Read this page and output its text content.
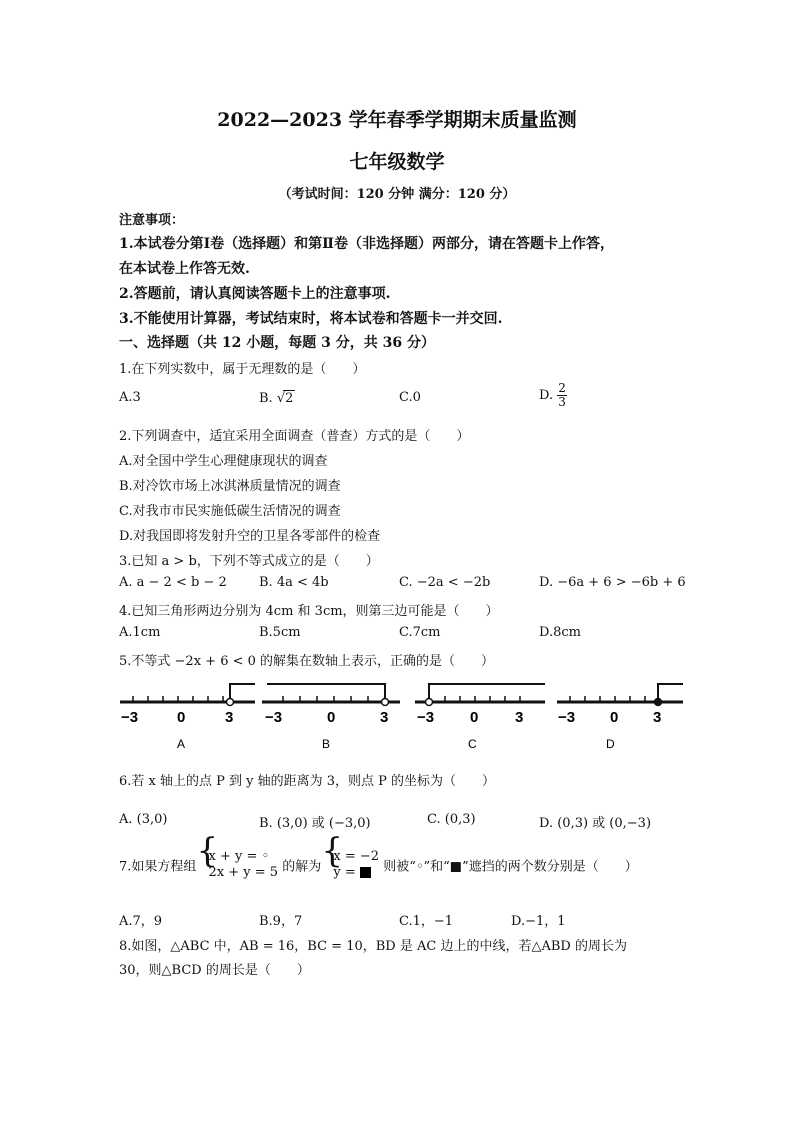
2022—2023 学年春季学期期末质量监测
七年级数学
（考试时间：120 分钟 满分：120 分）
注意事项：
1.本试卷分第Ⅰ卷（选择题）和第Ⅱ卷（非选择题）两部分，请在答题卡上作答，
在本试卷上作答无效.
2.答题前，请认真阅读答题卡上的注意事项.
3.不能使用计算器，考试结束时，将本试卷和答题卡一并交回.
一、选择题（共 12 小题，每题 3 分，共 36 分）
1.在下列实数中，属于无理数的是（　　）
A.3	B. √2	C.0	D. $\frac{2}{3}$
2.下列调查中，适宜采用全面调查（普查）方式的是（　　）
A.对全国中学生心理健康现状的调查
B.对冷饮市场上冰淇淋质量情况的调查
C.对我市市民实施低碳生活情况的调查
D.对我国即将发射升空的卫星各零部件的检查
3.已知 a > b，下列不等式成立的是（　　）
A. a − 2 < b − 2 B. 4a < 4b	C. −2a < −2b	D. −6a + 6 > −6b + 6
4.已知三角形两边分别为 4cm 和 3cm，则第三边可能是（　　）
A.1cm	B.5cm	C.7cm	D.8cm
5.不等式 −2x + 6 < 0 的解集在数轴上表示，正确的是（　　）
−3	0	3
A
−3	0	3
B
−3 0 3
C
−3 0 3
D
6.若 x 轴上的点 P 到 y 轴的距离为 3，则点 P 的坐标为（　　）
A. (3,0)	B. (3,0) 或 (−3,0)	C. (0,3)	D. (0,3) 或 (0,−3)
7.如果方程组
{ x + y = ◦
2x + y = 5 的解为
{ x = −2
y =	则被“◦”和“■”遮挡的两个数分别是（　　）
A.7，9	B.9，7	C.1，−1	D.−1，1
8.如图，△ABC 中，AB = 16，BC = 10，BD 是 AC 边上的中线，若△ABD 的周长为
30，则△BCD 的周长是（　　）
